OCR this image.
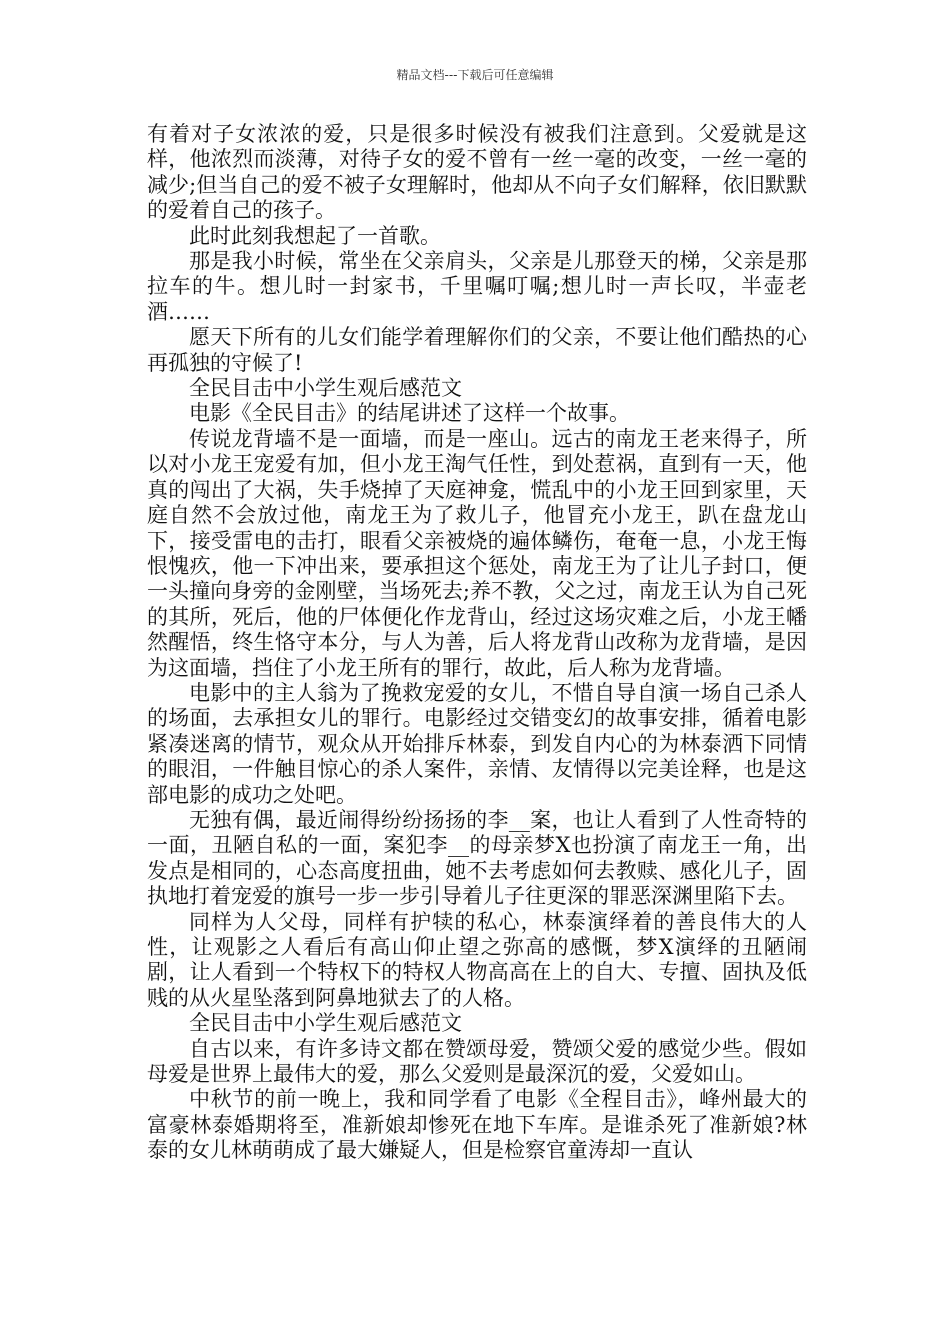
精品文档---下载后可任意编辑

有着对子女浓浓的爱，只是很多时候没有被我们注意到。父爱就是这样，他浓烈而淡薄，对待子女的爱不曾有一丝一毫的改变，一丝一毫的减少;但当自己的爱不被子女理解时，他却从不向子女们解释，依旧默默的爱着自己的孩子。

此时此刻我想起了一首歌。

那是我小时候，常坐在父亲肩头，父亲是儿那登天的梯，父亲是那拉车的牛。想儿时一封家书，千里嘱叮嘱;想儿时一声长叹，半壶老酒……

愿天下所有的儿女们能学着理解你们的父亲，不要让他们酷热的心再孤独的守候了!

全民目击中小学生观后感范文

电影《全民目击》的结尾讲述了这样一个故事。

传说龙背墙不是一面墙，而是一座山。远古的南龙王老来得子，所以对小龙王宠爱有加，但小龙王淘气任性，到处惹祸，直到有一天，他真的闯出了大祸，失手烧掉了天庭神龛，慌乱中的小龙王回到家里，天庭自然不会放过他，南龙王为了救儿子，他冒充小龙王，趴在盘龙山下，接受雷电的击打，眼看父亲被烧的遍体鳞伤，奄奄一息，小龙王悔恨愧疚，他一下冲出来，要承担这个惩处，南龙王为了让儿子封口，便一头撞向身旁的金刚壁，当场死去;养不教，父之过，南龙王认为自己死的其所，死后，他的尸体便化作龙背山，经过这场灾难之后，小龙王幡然醒悟，终生恪守本分，与人为善，后人将龙背山改称为龙背墙，是因为这面墙，挡住了小龙王所有的罪行，故此，后人称为龙背墙。

电影中的主人翁为了挽救宠爱的女儿，不惜自导自演一场自己杀人的场面，去承担女儿的罪行。电影经过交错变幻的故事安排，循着电影紧凑迷离的情节，观众从开始排斥林泰，到发自内心的为林泰洒下同情的眼泪，一件触目惊心的杀人案件，亲情、友情得以完美诠释，也是这部电影的成功之处吧。

无独有偶，最近闹得纷纷扬扬的李__案，也让人看到了人性奇特的一面，丑陋自私的一面，案犯李__的母亲梦X也扮演了南龙王一角，出发点是相同的，心态高度扭曲，她不去考虑如何去教赎、感化儿子，固执地打着宠爱的旗号一步一步引导着儿子往更深的罪恶深渊里陷下去。

同样为人父母，同样有护犊的私心，林泰演绎着的善良伟大的人性，让观影之人看后有高山仰止望之弥高的感慨，梦X演绎的丑陋闹剧，让人看到一个特权下的特权人物高高在上的自大、专擅、固执及低贱的从火星坠落到阿鼻地狱去了的人格。

全民目击中小学生观后感范文

自古以来，有许多诗文都在赞颂母爱，赞颂父爱的感觉少些。假如母爱是世界上最伟大的爱，那么父爱则是最深沉的爱，父爱如山。

中秋节的前一晚上，我和同学看了电影《全程目击》，峰州最大的富豪林泰婚期将至，准新娘却惨死在地下车库。是谁杀死了准新娘?林泰的女儿林萌萌成了最大嫌疑人，但是检察官童涛却一直认
